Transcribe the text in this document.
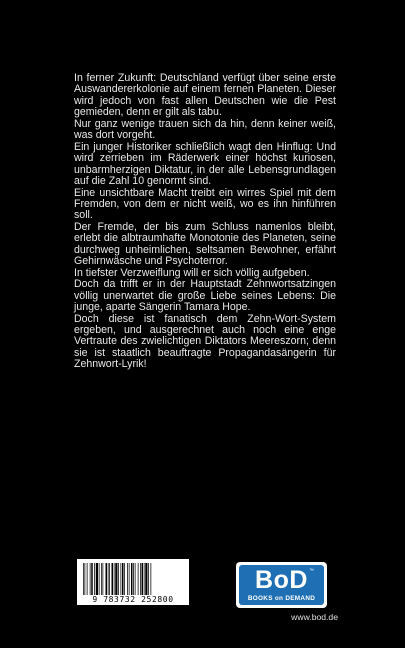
In ferner Zukunft: Deutschland verfügt über seine erste Auswandererkolonie auf einem fernen Planeten. Dieser wird jedoch von fast allen Deutschen wie die Pest gemieden, denn er gilt als tabu.

Nur ganz wenige trauen sich da hin, denn keiner weiß, was dort vorgeht.

Ein junger Historiker schließlich wagt den Hinflug: Und wird zerrieben im Räderwerk einer höchst kuriosen, unbarmherzigen Diktatur, in der alle Lebensgrundlagen auf die Zahl 10 genormt sind.

Eine unsichtbare Macht treibt ein wirres Spiel mit dem Fremden, von dem er nicht weiß, wo es ihn hinführen soll.

Der Fremde, der bis zum Schluss namenlos bleibt, erlebt die albtraumhafte Monotonie des Planeten, seine durchweg unheimlichen, seltsamen Bewohner, erfährt Gehirnwäsche und Psychoterror.

In tiefster Verzweiflung will er sich völlig aufgeben.

Doch da trifft er in der Hauptstadt Zehnwortsatzingen völlig unerwartet die große Liebe seines Lebens: Die junge, aparte Sängerin Tamara Hope.

Doch diese ist fanatisch dem Zehn-Wort-System ergeben, und ausgerechnet auch noch eine enge Vertraute des zwielichtigen Diktators Meereszorn; denn sie ist staatlich beauftragte Propagandasängerin für Zehnwort-Lyrik!

9 783732 252800
BoD ™
BOOKS on DEMAND
www.bod.de
